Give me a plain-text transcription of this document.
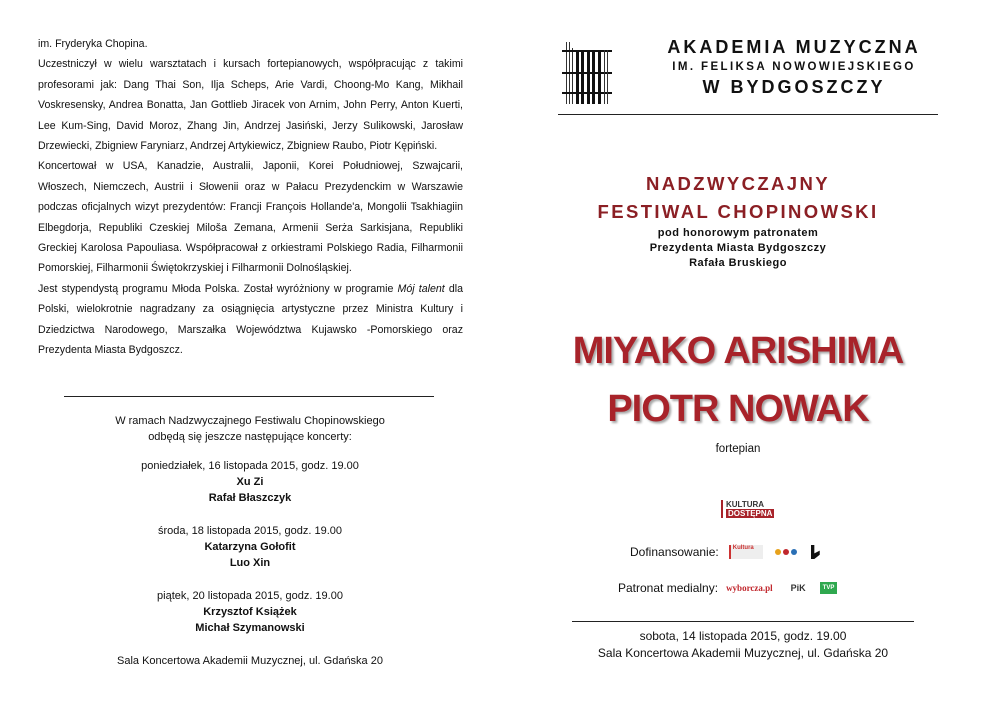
im. Fryderyka Chopina.

Uczestniczył w wielu warsztatach i kursach fortepianowych, współpracując z takimi profesorami jak: Dang Thai Son, Ilja Scheps, Arie Vardi, Choong-Mo Kang, Mikhail Voskresensky, Andrea Bonatta, Jan Gottlieb Jiracek von Arnim, John Perry, Anton Kuerti, Lee Kum-Sing, David Moroz, Zhang Jin, Andrzej Jasiński, Jerzy Sulikowski, Jarosław Drzewiecki, Zbigniew Faryniarz, Andrzej Artykiewicz, Zbigniew Raubo, Piotr Kępiński.

Koncertował w USA, Kanadzie, Australii, Japonii, Korei Południowej, Szwajcarii, Włoszech, Niemczech, Austrii i Słowenii oraz w Pałacu Prezydenckim w Warszawie podczas oficjalnych wizyt prezydentów: Francji François Hollande'a, Mongolii Tsakhiagiin Elbegdorja, Republiki Czeskiej Miloša Zemana, Armenii Serża Sarkisjana, Republiki Greckiej Karolosa Papouliasa. Współpracował z orkiestrami Polskiego Radia, Filharmonii Pomorskiej, Filharmonii Świętokrzyskiej i Filharmonii Dolnośląskiej.

Jest stypendystą programu Młoda Polska. Został wyróżniony w programie Mój talent dla Polski, wielokrotnie nagradzany za osiągnięcia artystyczne przez Ministra Kultury i Dziedzictwa Narodowego, Marszałka Województwa Kujawsko -Pomorskiego oraz Prezydenta Miasta Bydgoszcz.

W ramach Nadzwyczajnego Festiwalu Chopinowskiego
odbędą się jeszcze następujące koncerty:
poniedziałek, 16 listopada 2015, godz. 19.00
Xu Zi
Rafał Błaszczyk
środa, 18 listopada 2015, godz. 19.00
Katarzyna Gołofit
Luo Xin
piątek, 20 listopada 2015, godz. 19.00
Krzysztof Książek
Michał Szymanowski
Sala Koncertowa Akademii Muzycznej, ul. Gdańska 20
AKADEMIA MUZYCZNA
IM. FELIKSA NOWOWIEJSKIEGO
W BYDGOSZCZY
NADZWYCZAJNY
FESTIWAL CHOPINOWSKI
pod honorowym patronatem
Prezydenta Miasta Bydgoszczy
Rafała Bruskiego
MIYAKO ARISHIMA
PIOTR NOWAK
fortepian
KULTURA
DOSTĘPNA
Dofinansowanie:	Kultura
Patronat medialny: wyborcza.pl PiK	TVP
sobota, 14 listopada 2015, godz. 19.00
Sala Koncertowa Akademii Muzycznej, ul. Gdańska 20
